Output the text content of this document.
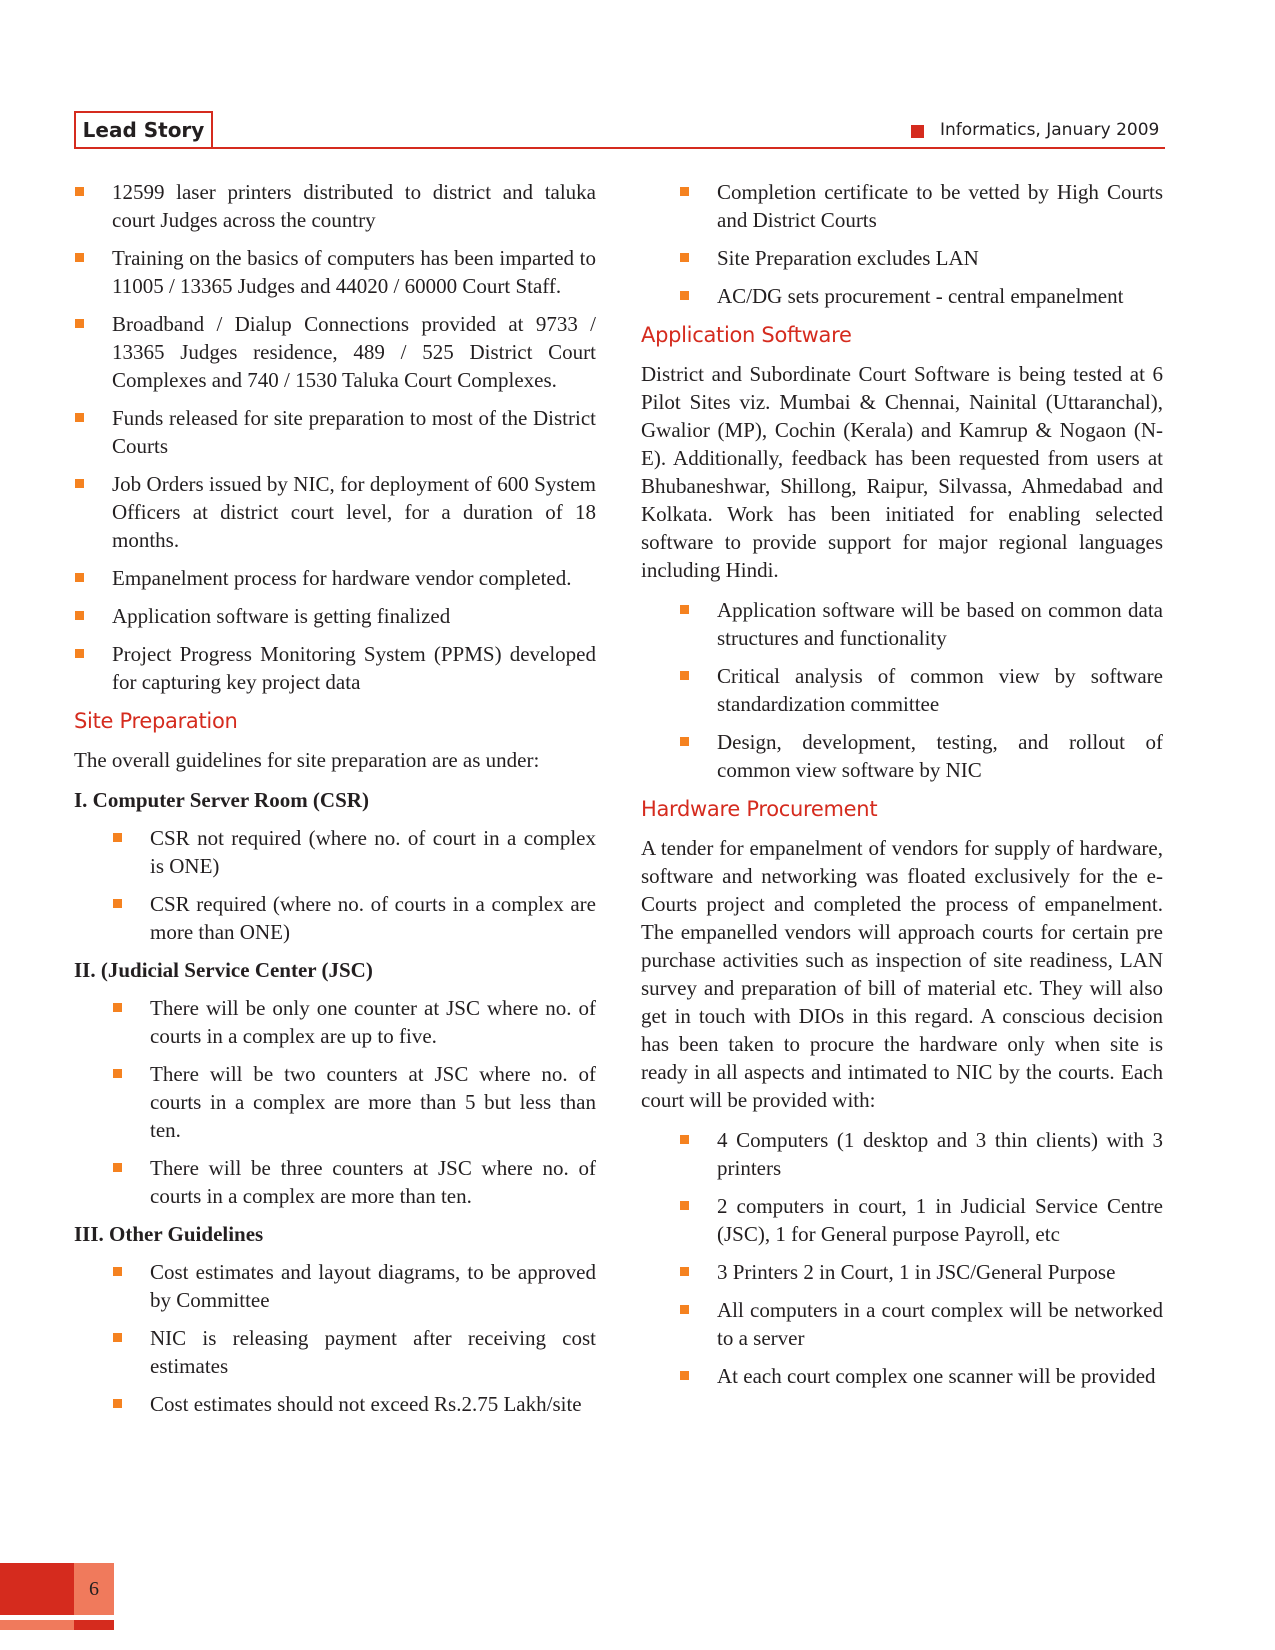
Lead Story	Informatics, January 2009
12599 laser printers distributed to district and taluka court Judges across the country
Training on the basics of computers has been imparted to 11005 / 13365 Judges and 44020 / 60000 Court Staff.
Broadband / Dialup Connections provided at 9733 / 13365 Judges residence, 489 / 525 District Court Complexes and 740 / 1530 Taluka Court Complexes.
Funds released for site preparation to most of the District Courts
Job Orders issued by NIC, for deployment of 600 System Officers at district court level, for a duration of 18 months.
Empanelment process for hardware vendor completed.
Application software is getting finalized
Project Progress Monitoring System (PPMS) developed for capturing key project data
Site Preparation

The overall guidelines for site preparation are as under:

I. Computer Server Room (CSR)
CSR not required (where no. of court in a complex is ONE)
CSR required (where no. of courts in a complex are more than ONE)
II. (Judicial Service Center (JSC)
There will be only one counter at JSC where no. of courts in a complex are up to five.
There will be two counters at JSC where no. of courts in a complex are more than 5 but less than ten.
There will be three counters at JSC where no. of courts in a complex are more than ten.
III. Other Guidelines
Cost estimates and layout diagrams, to be approved by Committee
NIC is releasing payment after receiving cost estimates
Cost estimates should not exceed Rs.2.75 Lakh/site
Completion certificate to be vetted by High Courts and District Courts
Site Preparation excludes LAN
AC/DG sets procurement - central empanelment
Application Software

District and Subordinate Court Software is being tested at 6 Pilot Sites viz. Mumbai & Chennai, Nainital (Uttaranchal), Gwalior (MP), Cochin (Kerala) and Kamrup & Nogaon (N-E). Additionally, feedback has been requested from users at Bhubaneshwar, Shillong, Raipur, Silvassa, Ahmedabad and Kolkata. Work has been initiated for enabling selected software to provide support for major regional languages including Hindi.

Application software will be based on common data structures and functionality
Critical analysis of common view by software standardization committee
Design, development, testing, and rollout of common view software by NIC
Hardware Procurement

A tender for empanelment of vendors for supply of hardware, software and networking was floated exclusively for the e-Courts project and completed the process of empanelment. The empanelled vendors will approach courts for certain pre purchase activities such as inspection of site readiness, LAN survey and preparation of bill of material etc. They will also get in touch with DIOs in this regard. A conscious decision has been taken to procure the hardware only when site is ready in all aspects and intimated to NIC by the courts. Each court will be provided with:

4 Computers (1 desktop and 3 thin clients) with 3 printers
2 computers in court, 1 in Judicial Service Centre (JSC), 1 for General purpose Payroll, etc
3 Printers 2 in Court, 1 in JSC/General Purpose
All computers in a court complex will be networked to a server
At each court complex one scanner will be provided
6
